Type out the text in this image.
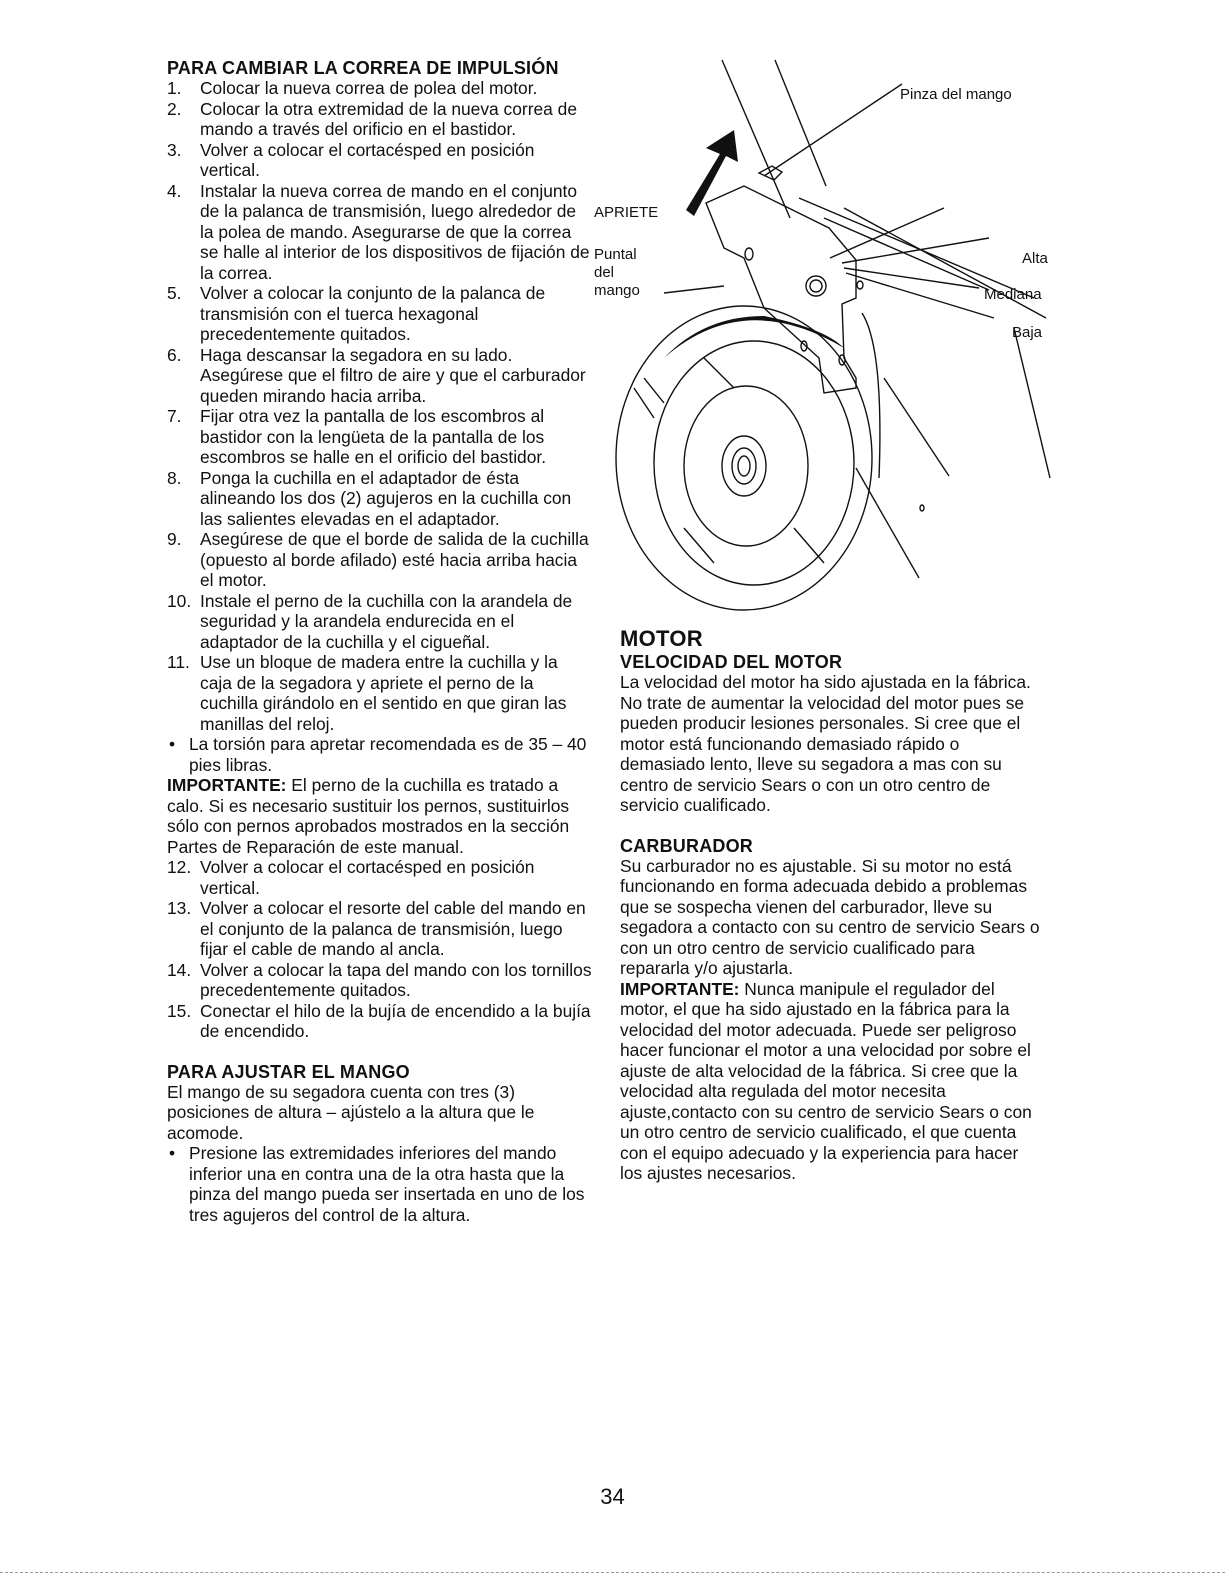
PARA CAMBIAR LA CORREA DE IMPULSIÓN
1. Colocar la nueva correa de polea del motor.
2. Colocar la otra extremidad de la nueva correa de mando a través del orificio en el bastidor.
3. Volver a colocar el cortacésped en posición vertical.
4. Instalar la nueva correa de mando en el conjunto de la palanca de transmisión, luego alrededor de la polea de mando. Asegurarse de que la correa se halle al interior de los dispositivos de fijación de la correa.
5. Volver a colocar la conjunto de la palanca de transmisión con el tuerca hexagonal precedentemente quitados.
6. Haga descansar la segadora en su lado. Asegúrese que el filtro de aire y que el carburador queden mirando hacia arriba.
7. Fijar otra vez la pantalla de los escombros al bastidor con la lengüeta de la pantalla de los escombros se halle en el orificio del bastidor.
8. Ponga la cuchilla en el adaptador de ésta alineando los dos (2) agujeros en la cuchilla con las salientes elevadas en el adaptador.
9. Asegúrese de que el borde de salida de la cuchilla (opuesto al borde afilado) esté hacia arriba hacia el motor.
10. Instale el perno de la cuchilla con la arandela de seguridad y la arandela endurecida en el adaptador de la cuchilla y el cigueñal.
11. Use un bloque de madera entre la cuchilla y la caja de la segadora y apriete el perno de la cuchilla girándolo en el sentido en que giran las manillas del reloj.
• La torsión para apretar recomendada es de 35 – 40 pies libras.

IMPORTANTE: El perno de la cuchilla es tratado a calo. Si es necesario sustituir los pernos, sustituirlos sólo con pernos aprobados mostrados en la sección Partes de Reparación de este manual.

12. Volver a colocar el cortacésped en posición vertical.
13. Volver a colocar el resorte del cable del mando en el conjunto de la palanca de transmisión, luego fijar el cable de mando al ancla.
14. Volver a colocar la tapa del mando con los tornillos precedentemente quitados.
15. Conectar el hilo de la bujía de encendido a la bujía de encendido.
PARA AJUSTAR EL MANGO

El mango de su segadora cuenta con tres (3) posiciones de altura – ajústelo a la altura que le acomode.

• Presione las extremidades inferiores del mando inferior una en contra una de la otra hasta que la pinza del mango pueda ser insertada en uno de los tres agujeros del control de la altura.
Pinza del mango
APRIETE
Puntal
del
mango
Alta
Mediana
Baja
MOTOR
VELOCIDAD DEL MOTOR

La velocidad del motor ha sido ajustada en la fábrica. No trate de aumentar la velocidad del motor pues se pueden producir lesiones personales. Si cree que el motor está funcionando demasiado rápido o demasiado lento, lleve su segadora a mas con su centro de servicio Sears o con un otro centro de servicio cualificado.

CARBURADOR

Su carburador no es ajustable. Si su motor no está funcionando en forma adecuada debido a problemas que se sospecha vienen del carburador, lleve su segadora a contacto con su centro de servicio Sears o con un otro centro de servicio cualificado para repararla y/o ajustarla.

IMPORTANTE: Nunca manipule el regulador del motor, el que ha sido ajustado en la fábrica para la velocidad del motor adecuada. Puede ser peligroso hacer funcionar el motor a una velocidad por sobre el ajuste de alta velocidad de la fábrica. Si cree que la velocidad alta regulada del motor necesita ajuste,contacto con su centro de servicio Sears o con un otro centro de servicio cualificado, el que cuenta con el equipo adecuado y la experiencia para hacer los ajustes necesarios.

34
